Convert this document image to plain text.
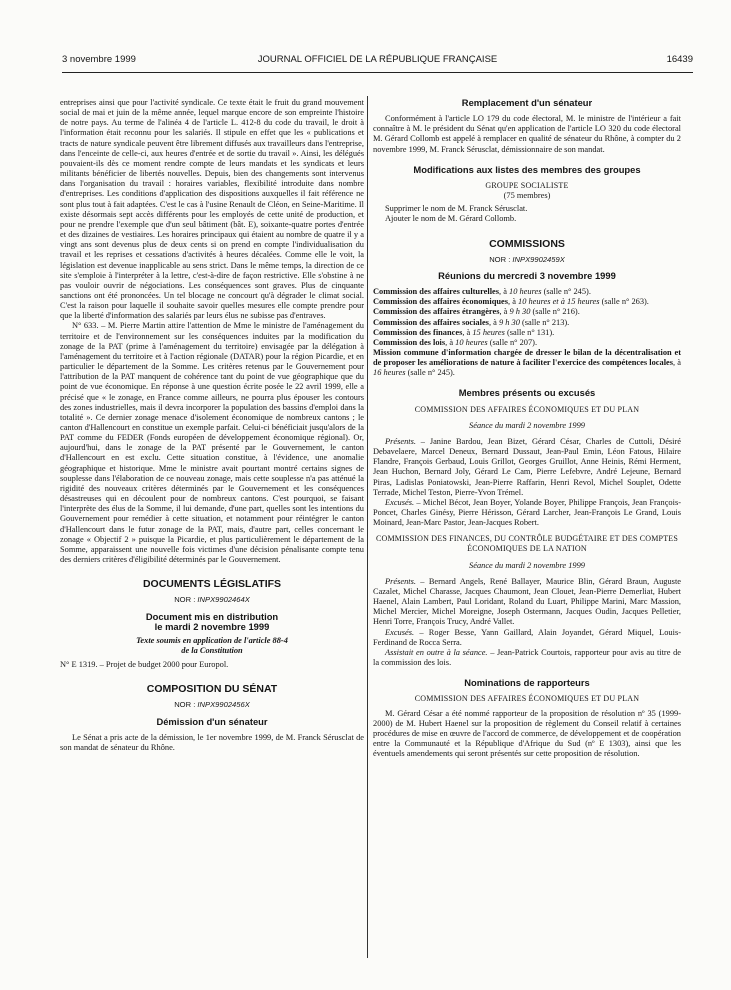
3 novembre 1999	JOURNAL OFFICIEL DE LA RÉPUBLIQUE FRANÇAISE	16439

entreprises ainsi que pour l'activité syndicale. Ce texte était le fruit du grand mouvement social de mai et juin de la même année, lequel marque encore de son empreinte l'histoire de notre pays. Au terme de l'alinéa 4 de l'article L. 412-8 du code du travail, le droit à l'information était reconnu pour les salariés. Il stipule en effet que les « publications et tracts de nature syndicale peuvent être librement diffusés aux travailleurs dans l'entreprise, dans l'enceinte de celle-ci, aux heures d'entrée et de sortie du travail ». Ainsi, les délégués pouvaient-ils dès ce moment rendre compte de leurs mandats et les syndicats et leurs militants bénéficier de libertés nouvelles. Depuis, bien des changements sont intervenus dans l'organisation du travail : horaires variables, flexibilité introduite dans nombre d'entreprises. Les conditions d'application des dispositions auxquelles il fait référence ne sont plus tout à fait adaptées. C'est le cas à l'usine Renault de Cléon, en Seine-Maritime. Il existe désormais sept accès différents pour les employés de cette unité de production, et pour ne prendre l'exemple que d'un seul bâtiment (bât. E), soixante-quatre portes d'entrée et des dizaines de vestiaires. Les horaires principaux qui étaient au nombre de quatre il y a vingt ans sont devenus plus de deux cents si on prend en compte l'individualisation du travail et les reprises et cessations d'activités à heures décalées. Comme elle le voit, la législation est devenue inapplicable au sens strict. Dans le même temps, la direction de ce site s'emploie à l'interpréter à la lettre, c'est-à-dire de façon restrictive. Elle s'obstine à ne pas vouloir ouvrir de négociations. Les conséquences sont graves. Plus de cinquante sanctions ont été prononcées. Un tel blocage ne concourt qu'à dégrader le climat social. C'est la raison pour laquelle il souhaite savoir quelles mesures elle compte prendre pour que la liberté d'information des salariés par leurs élus ne subisse pas d'entraves.

N° 633. – M. Pierre Martin attire l'attention de Mme le ministre de l'aménagement du territoire et de l'environnement sur les conséquences induites par la modification du zonage de la PAT (prime à l'aménagement du territoire) envisagée par la délégation à l'aménagement du territoire et à l'action régionale (DATAR) pour la région Picardie, et en particulier le département de la Somme. Les critères retenus par le Gouvernement pour l'attribution de la PAT manquent de cohérence tant du point de vue géographique que du point de vue économique. En réponse à une question écrite posée le 22 avril 1999, elle a précisé que « le zonage, en France comme ailleurs, ne pourra plus épouser les contours des zones industrielles, mais il devra incorporer la population des bassins d'emploi dans la totalité ». Ce dernier zonage menace d'isolement économique de nombreux cantons ; le canton d'Hallencourt en constitue un exemple parfait. Celui-ci bénéficiait jusqu'alors de la PAT comme du FEDER (Fonds européen de développement économique régional). Or, aujourd'hui, dans le zonage de la PAT présenté par le Gouvernement, le canton d'Hallencourt en est exclu. Cette situation constitue, à l'évidence, une anomalie géographique et historique. Mme le ministre avait pourtant montré certains signes de souplesse dans l'élaboration de ce nouveau zonage, mais cette souplesse n'a pas atténué la rigidité des nouveaux critères déterminés par le Gouvernement et les conséquences désastreuses qui en découlent pour de nombreux cantons. C'est pourquoi, se faisant l'interprète des élus de la Somme, il lui demande, d'une part, quelles sont les intentions du Gouvernement pour remédier à cette situation, et notamment pour réintégrer le canton d'Hallencourt dans le futur zonage de la PAT, mais, d'autre part, celles concernant le zonage « Objectif 2 » puisque la Picardie, et plus particulièrement le département de la Somme, apparaissent une nouvelle fois victimes d'une décision pénalisante compte tenu des derniers critères d'éligibilité déterminés par le Gouvernement.

DOCUMENTS LÉGISLATIFS
NOR : INPX9902464X
Document mis en distribution
le mardi 2 novembre 1999

Texte soumis en application de l'article 88-4

de la Constitution

N° E 1319. – Projet de budget 2000 pour Europol.

COMPOSITION DU SÉNAT
NOR : INPX9902456X
Démission d'un sénateur

Le Sénat a pris acte de la démission, le 1er novembre 1999, de M. Franck Sérusclat de son mandat de sénateur du Rhône.

Remplacement d'un sénateur

Conformément à l'article LO 179 du code électoral, M. le ministre de l'intérieur a fait connaître à M. le président du Sénat qu'en application de l'article LO 320 du code électoral M. Gérard Collomb est appelé à remplacer en qualité de sénateur du Rhône, à compter du 2 novembre 1999, M. Franck Sérusclat, démissionnaire de son mandat.

Modifications aux listes des membres des groupes

GROUPE SOCIALISTE

(75 membres)

Supprimer le nom de M. Franck Sérusclat.

Ajouter le nom de M. Gérard Collomb.

COMMISSIONS
NOR : INPX9902459X
Réunions du mercredi 3 novembre 1999

Commission des affaires culturelles, à 10 heures (salle n° 245).

Commission des affaires économiques, à 10 heures et à 15 heures (salle n° 263).

Commission des affaires étrangères, à 9 h 30 (salle n° 216).

Commission des affaires sociales, à 9 h 30 (salle n° 213).

Commission des finances, à 15 heures (salle n° 131).

Commission des lois, à 10 heures (salle n° 207).

Mission commune d'information chargée de dresser le bilan de la décentralisation et de proposer les améliorations de nature à faciliter l'exercice des compétences locales, à 16 heures (salle n° 245).

Membres présents ou excusés

COMMISSION DES AFFAIRES ÉCONOMIQUES ET DU PLAN

Séance du mardi 2 novembre 1999

Présents. – Janine Bardou, Jean Bizet, Gérard César, Charles de Cuttoli, Désiré Debavelaere, Marcel Deneux, Bernard Dussaut, Jean-Paul Emin, Léon Fatous, Hilaire Flandre, François Gerbaud, Louis Grillot, Georges Gruillot, Anne Heinis, Rémi Herment, Jean Huchon, Bernard Joly, Gérard Le Cam, Pierre Lefebvre, André Lejeune, Bernard Piras, Ladislas Poniatowski, Jean-Pierre Raffarin, Henri Revol, Michel Souplet, Odette Terrade, Michel Teston, Pierre-Yvon Trémel.

Excusés. – Michel Bécot, Jean Boyer, Yolande Boyer, Philippe François, Jean François-Poncet, Charles Ginésy, Pierre Hérisson, Gérard Larcher, Jean-François Le Grand, Louis Moinard, Jean-Marc Pastor, Jean-Jacques Robert.

COMMISSION DES FINANCES, DU CONTRÔLE BUDGÉTAIRE ET DES COMPTES ÉCONOMIQUES DE LA NATION

Séance du mardi 2 novembre 1999

Présents. – Bernard Angels, René Ballayer, Maurice Blin, Gérard Braun, Auguste Cazalet, Michel Charasse, Jacques Chaumont, Jean Clouet, Jean-Pierre Demerliat, Hubert Haenel, Alain Lambert, Paul Loridant, Roland du Luart, Philippe Marini, Marc Massion, Michel Mercier, Michel Moreigne, Joseph Ostermann, Jacques Oudin, Jacques Pelletier, Henri Torre, François Trucy, André Vallet.

Excusés. – Roger Besse, Yann Gaillard, Alain Joyandet, Gérard Miquel, Louis-Ferdinand de Rocca Serra.

Assistait en outre à la séance. – Jean-Patrick Courtois, rapporteur pour avis au titre de la commission des lois.

Nominations de rapporteurs

COMMISSION DES AFFAIRES ÉCONOMIQUES ET DU PLAN

M. Gérard César a été nommé rapporteur de la proposition de résolution nº 35 (1999-2000) de M. Hubert Haenel sur la proposition de règlement du Conseil relatif à certaines procédures de mise en œuvre de l'accord de commerce, de développement et de coopération entre la Communauté et la République d'Afrique du Sud (nº E 1303), ainsi que les éventuels amendements qui seront présentés sur cette proposition de résolution.
